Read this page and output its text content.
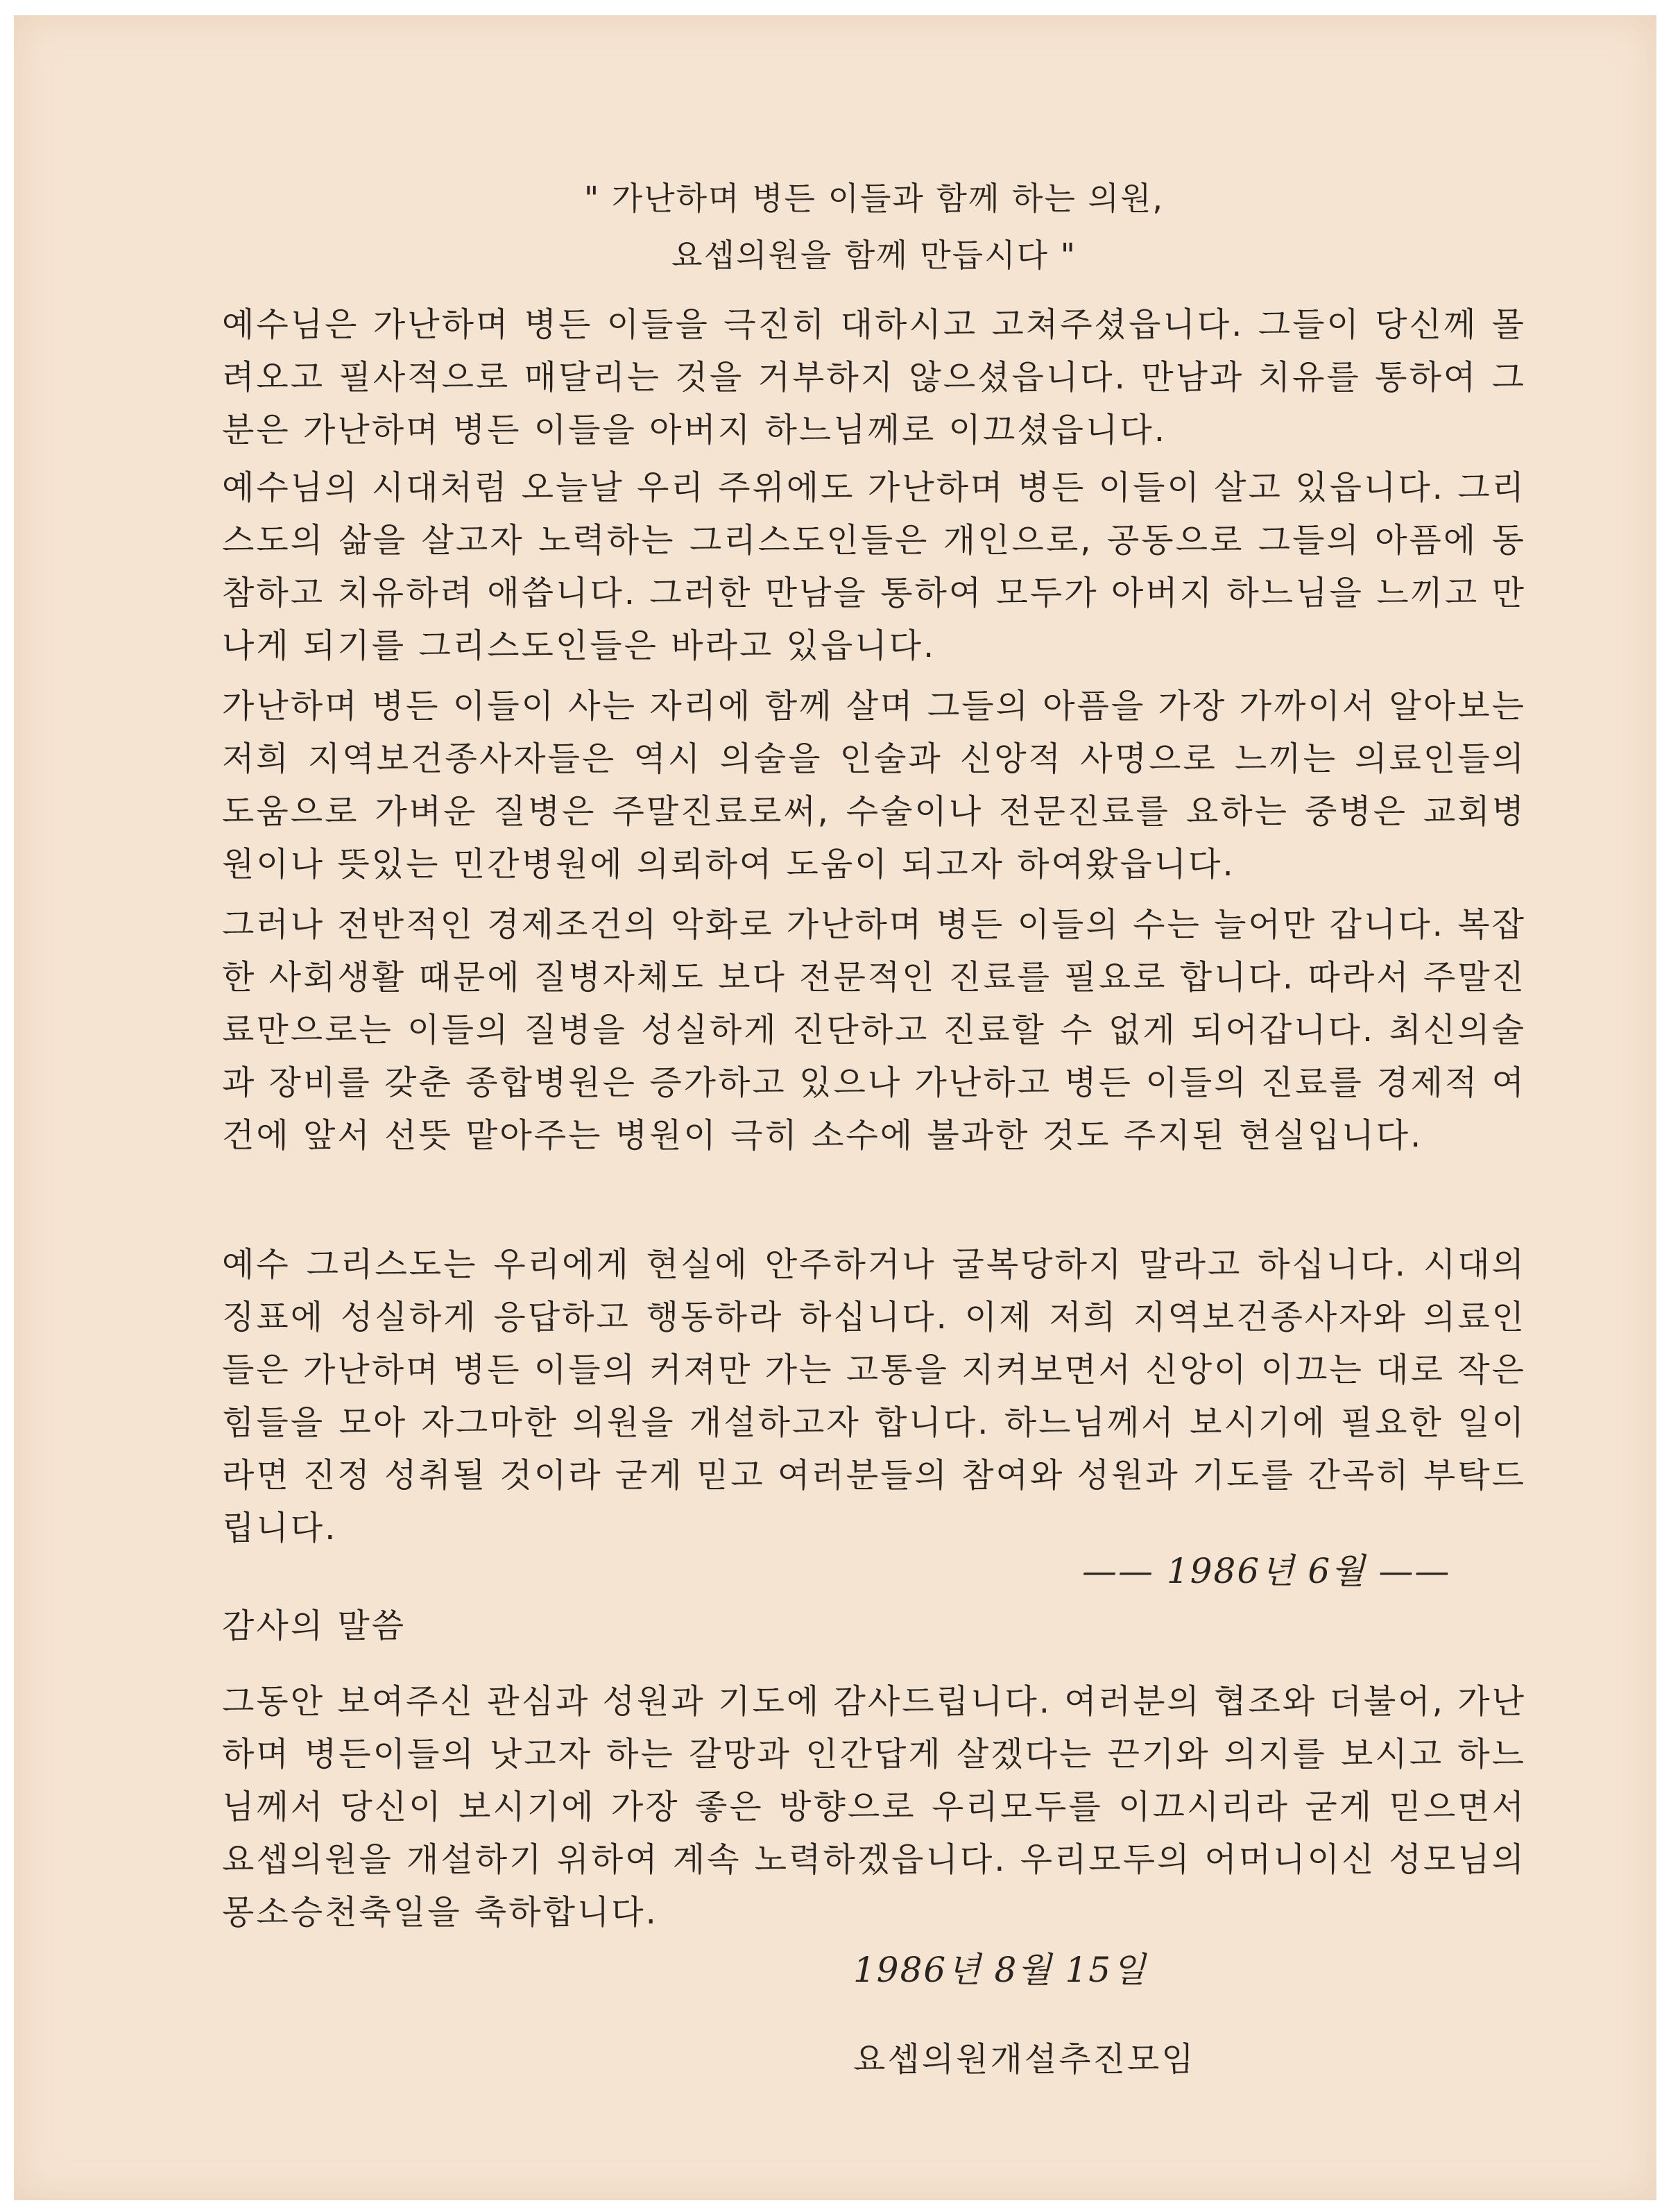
" 가난하며 병든 이들과 함께 하는 의원,
요셉의원을 함께 만듭시다 "

예수님은 가난하며 병든 이들을 극진히 대하시고 고쳐주셨읍니다. 그들이 당신께 몰려오고 필사적으로 매달리는 것을 거부하지 않으셨읍니다. 만남과 치유를 통하여 그분은 가난하며 병든 이들을 아버지 하느님께로 이끄셨읍니다.

예수님의 시대처럼 오늘날 우리 주위에도 가난하며 병든 이들이 살고 있읍니다. 그리스도의 삶을 살고자 노력하는 그리스도인들은 개인으로, 공동으로 그들의 아픔에 동참하고 치유하려 애씁니다. 그러한 만남을 통하여 모두가 아버지 하느님을 느끼고 만나게 되기를 그리스도인들은 바라고 있읍니다.

가난하며 병든 이들이 사는 자리에 함께 살며 그들의 아픔을 가장 가까이서 알아보는 저희 지역보건종사자들은 역시 의술을 인술과 신앙적 사명으로 느끼는 의료인들의 도움으로 가벼운 질병은 주말진료로써, 수술이나 전문진료를 요하는 중병은 교회병원이나 뜻있는 민간병원에 의뢰하여 도움이 되고자 하여왔읍니다.

그러나 전반적인 경제조건의 악화로 가난하며 병든 이들의 수는 늘어만 갑니다. 복잡한 사회생활 때문에 질병자체도 보다 전문적인 진료를 필요로 합니다. 따라서 주말진료만으로는 이들의 질병을 성실하게 진단하고 진료할 수 없게 되어갑니다. 최신의술과 장비를 갖춘 종합병원은 증가하고 있으나 가난하고 병든 이들의 진료를 경제적 여건에 앞서 선뜻 맡아주는 병원이 극히 소수에 불과한 것도 주지된 현실입니다.

예수 그리스도는 우리에게 현실에 안주하거나 굴복당하지 말라고 하십니다. 시대의 징표에 성실하게 응답하고 행동하라 하십니다. 이제 저희 지역보건종사자와 의료인들은 가난하며 병든 이들의 커져만 가는 고통을 지켜보면서 신앙이 이끄는 대로 작은 힘들을 모아 자그마한 의원을 개설하고자 합니다. 하느님께서 보시기에 필요한 일이라면 진정 성취될 것이라 굳게 믿고 여러분들의 참여와 성원과 기도를 간곡히 부탁드립니다.

—— 1986년 6월 ——
감사의 말씀

그동안 보여주신 관심과 성원과 기도에 감사드립니다. 여러분의 협조와 더불어, 가난하며 병든이들의 낫고자 하는 갈망과 인간답게 살겠다는 끈기와 의지를 보시고 하느님께서 당신이 보시기에 가장 좋은 방향으로 우리모두를 이끄시리라 굳게 믿으면서 요셉의원을 개설하기 위하여 계속 노력하겠읍니다. 우리모두의 어머니이신 성모님의 몽소승천축일을 축하합니다.

1986년 8월 15일
요셉의원개설추진모임
